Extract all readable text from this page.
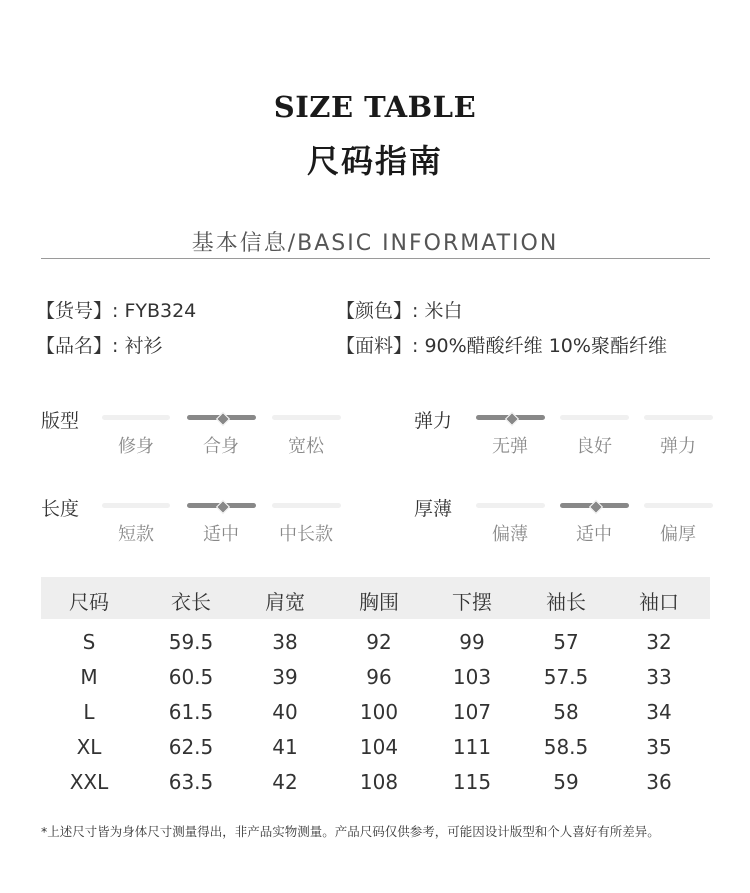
SIZE TABLE
尺码指南
基本信息/BASIC INFORMATION
【货号】: FYB324
【品名】: 衬衫
【颜色】: 米白
【面料】: 90%醋酸纤维 10%聚酯纤维
版型
修身	合身	宽松
弹力
无弹	良好	弹力
长度
短款	适中	中长款
厚薄
偏薄	适中	偏厚
尺码	衣长	肩宽	胸围	下摆	袖长	袖口
S	59.5	38	92	99	57	32
M	60.5	39	96	103	57.5	33
L	61.5	40	100	107	58	34
XL	62.5	41	104	111	58.5	35
XXL	63.5	42	108	115	59	36
*上述尺寸皆为身体尺寸测量得出，非产品实物测量。产品尺码仅供参考，可能因设计版型和个人喜好有所差异。
